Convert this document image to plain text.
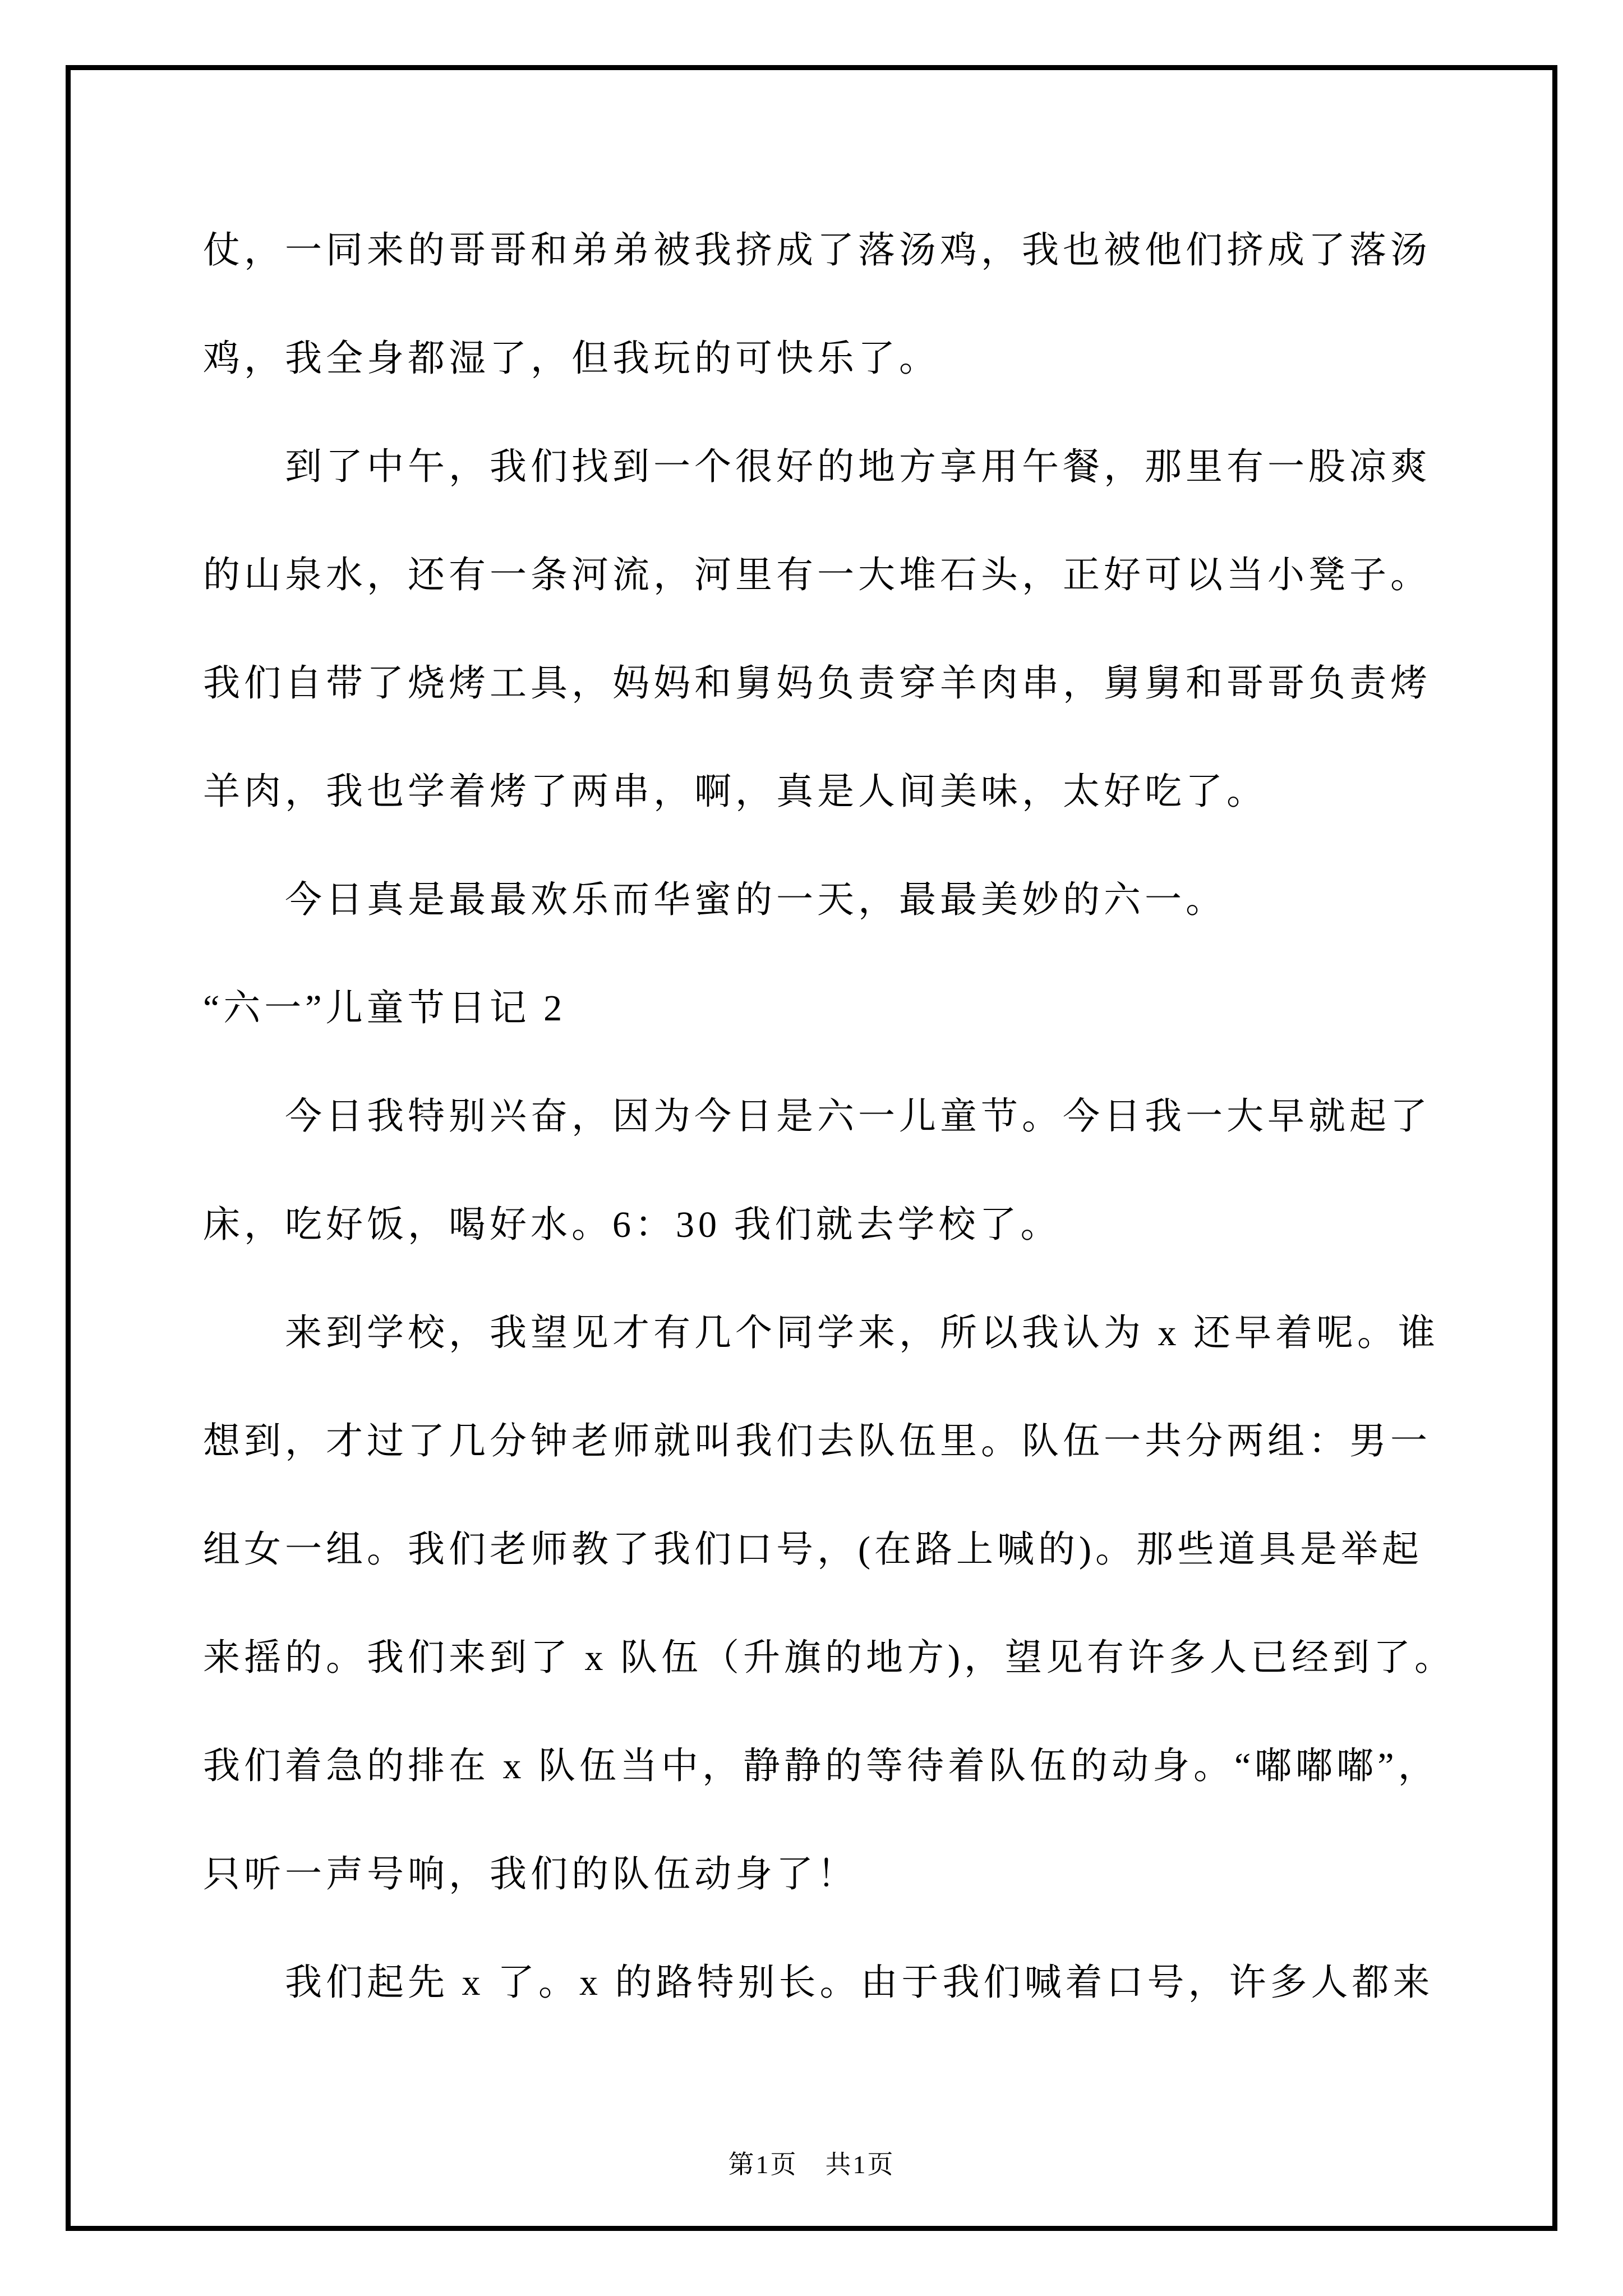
仗，一同来的哥哥和弟弟被我挤成了落汤鸡，我也被他们挤成了落汤
鸡，我全身都湿了，但我玩的可快乐了。
到了中午，我们找到一个很好的地方享用午餐，那里有一股凉爽
的山泉水，还有一条河流，河里有一大堆石头，正好可以当小凳子。
我们自带了烧烤工具，妈妈和舅妈负责穿羊肉串，舅舅和哥哥负责烤
羊肉，我也学着烤了两串，啊，真是人间美味，太好吃了。
今日真是最最欢乐而华蜜的一天，最最美妙的六一。
“六一”儿童节日记 2
今日我特别兴奋，因为今日是六一儿童节。今日我一大早就起了
床，吃好饭，喝好水。6：30 我们就去学校了。
来到学校，我望见才有几个同学来，所以我认为 x 还早着呢。谁
想到，才过了几分钟老师就叫我们去队伍里。队伍一共分两组：男一
组女一组。我们老师教了我们口号，(在路上喊的)。那些道具是举起
来摇的。我们来到了 x 队伍（升旗的地方)，望见有许多人已经到了。
我们着急的排在 x 队伍当中，静静的等待着队伍的动身。“嘟嘟嘟”，
只听一声号响，我们的队伍动身了！
我们起先 x 了。x 的路特别长。由于我们喊着口号，许多人都来
第1页　共1页
